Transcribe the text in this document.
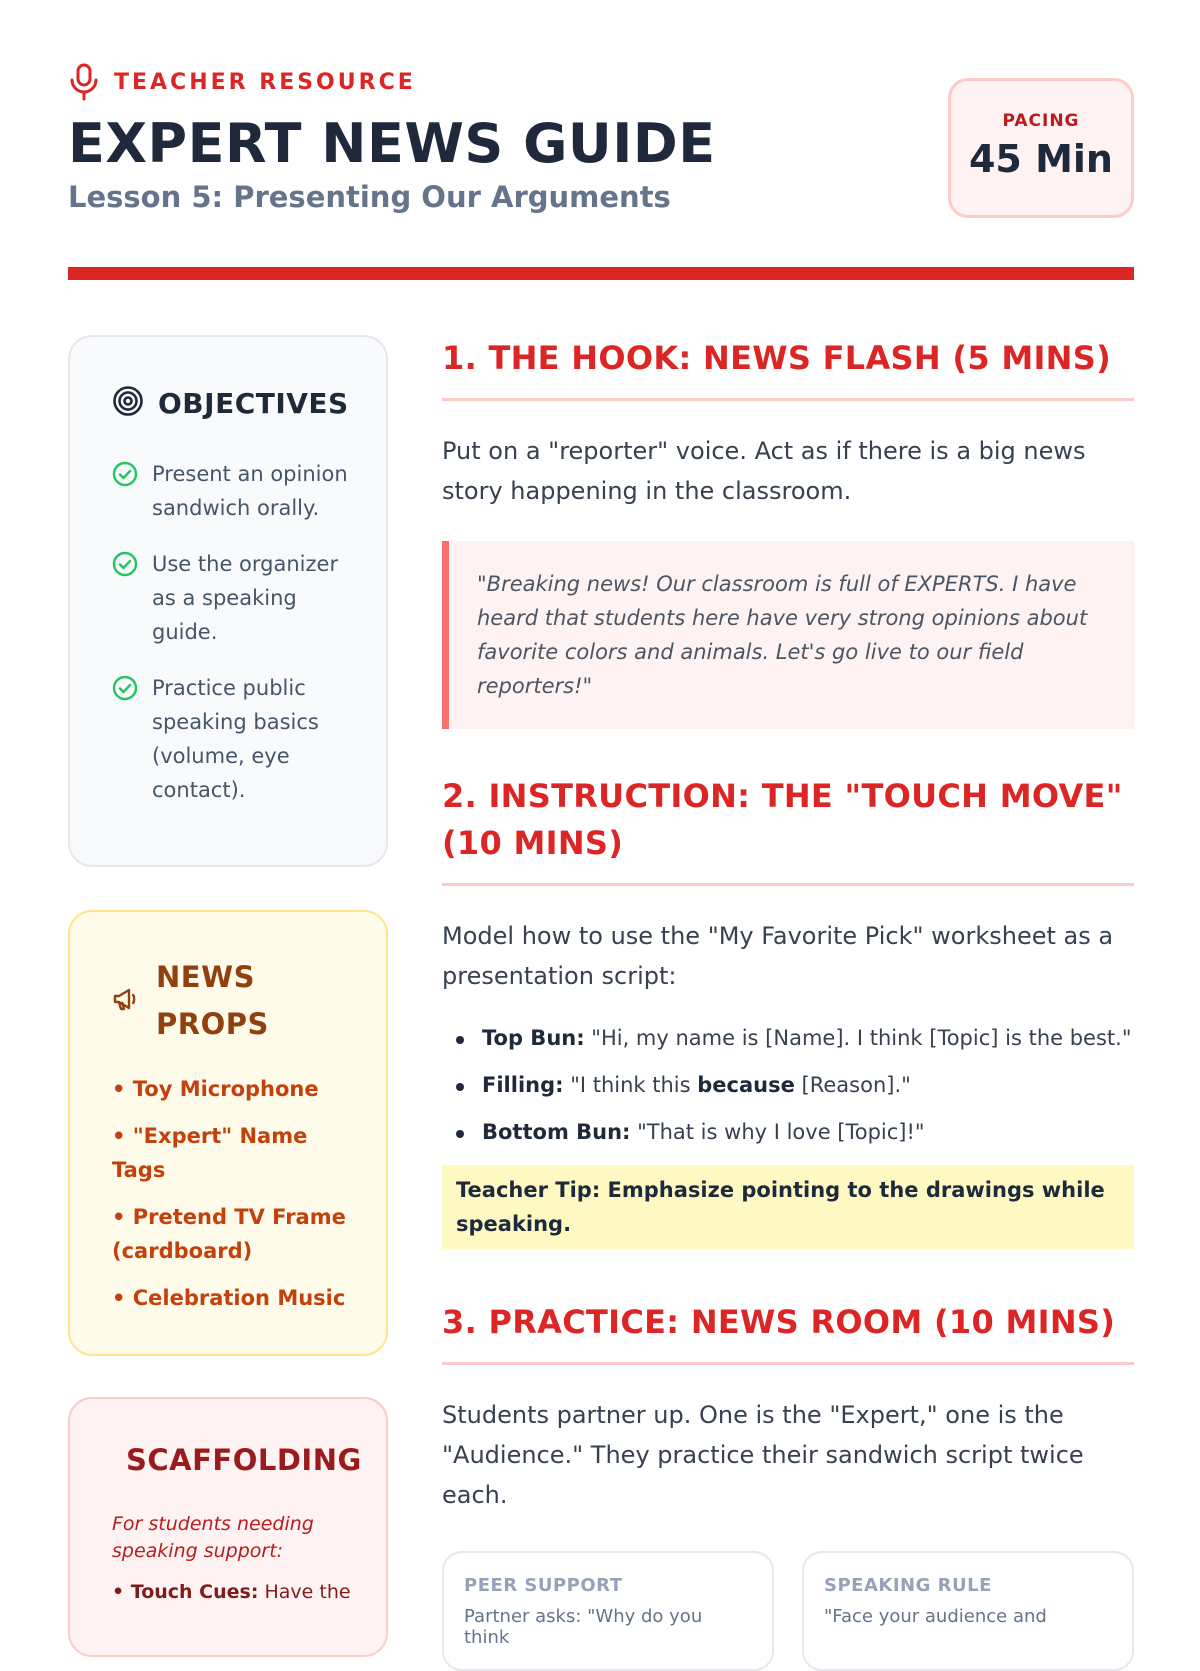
TEACHER RESOURCE
EXPERT NEWS GUIDE
Lesson 5: Presenting Our Arguments
PACING
45 Min
OBJECTIVES
Present an opinion sandwich orally.
Use the organizer as a speaking guide.
Practice public speaking basics (volume, eye contact).
NEWS PROPS
• Toy Microphone
• "Expert" Name Tags
• Pretend TV Frame (cardboard)
• Celebration Music
SCAFFOLDING
For students needing speaking support:
• Touch Cues: Have the
1. THE HOOK: NEWS FLASH (5 MINS)

Put on a "reporter" voice. Act as if there is a big news story happening in the classroom.

"Breaking news! Our classroom is full of EXPERTS. I have heard that students here have very strong opinions about favorite colors and animals. Let's go live to our field reporters!"
2. INSTRUCTION: THE "TOUCH MOVE" (10 MINS)

Model how to use the "My Favorite Pick" worksheet as a presentation script:

Top Bun: "Hi, my name is [Name]. I think [Topic] is the best."
Filling: "I think this because [Reason]."
Bottom Bun: "That is why I love [Topic]!"
Teacher Tip: Emphasize pointing to the drawings while speaking.
3. PRACTICE: NEWS ROOM (10 MINS)

Students partner up. One is the "Expert," one is the "Audience." They practice their sandwich script twice each.

PEER SUPPORT
Partner asks: "Why do you think
SPEAKING RULE
"Face your audience and
